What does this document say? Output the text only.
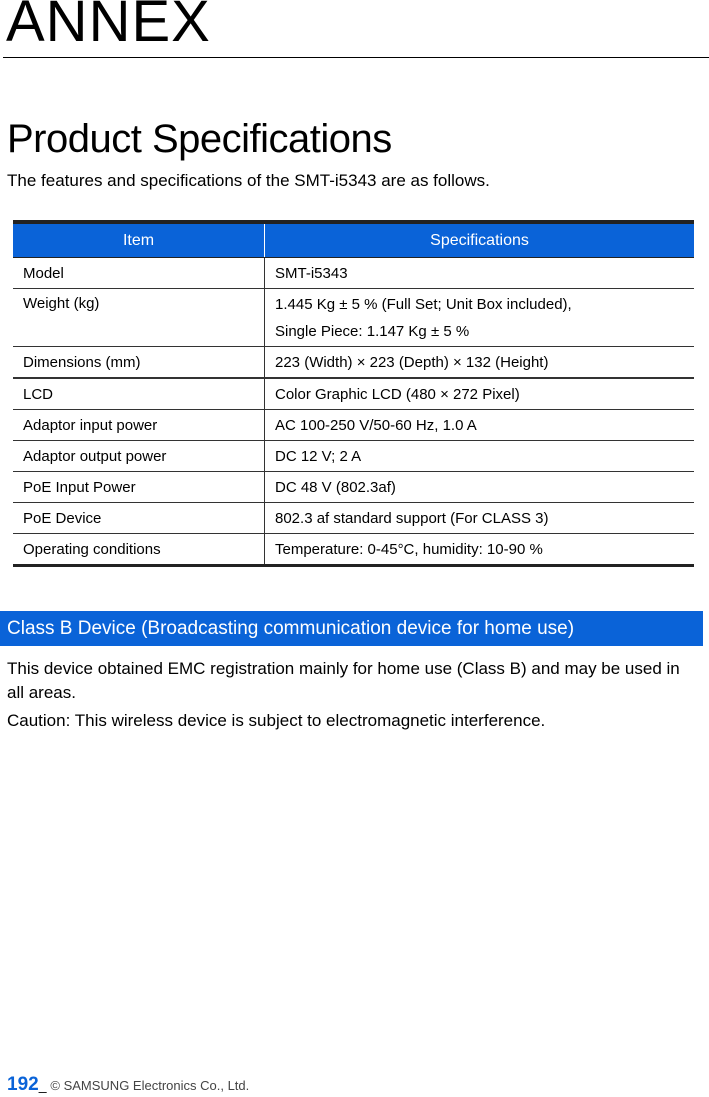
ANNEX
Product Specifications
The features and specifications of the SMT-i5343 are as follows.
Item	Specifications
Model	SMT-i5343
Weight (kg)	1.445 Kg ± 5 % (Full Set; Unit Box included),
Single Piece: 1.147 Kg ± 5 %

Dimensions (mm)	223 (Width) × 223 (Depth) × 132 (Height)
LCD	Color Graphic LCD (480 × 272 Pixel)
Adaptor input power	AC 100-250 V/50-60 Hz, 1.0 A
Adaptor output power	DC 12 V; 2 A
PoE Input Power	DC 48 V (802.3af)
PoE Device	802.3 af standard support (For CLASS 3)
Operating conditions	Temperature: 0-45°C, humidity: 10-90 %
Class B Device (Broadcasting communication device for home use)
This device obtained EMC registration mainly for home use (Class B) and may be used in all areas.
Caution: This wireless device is subject to electromagnetic interference.
192_ © SAMSUNG Electronics Co., Ltd.
